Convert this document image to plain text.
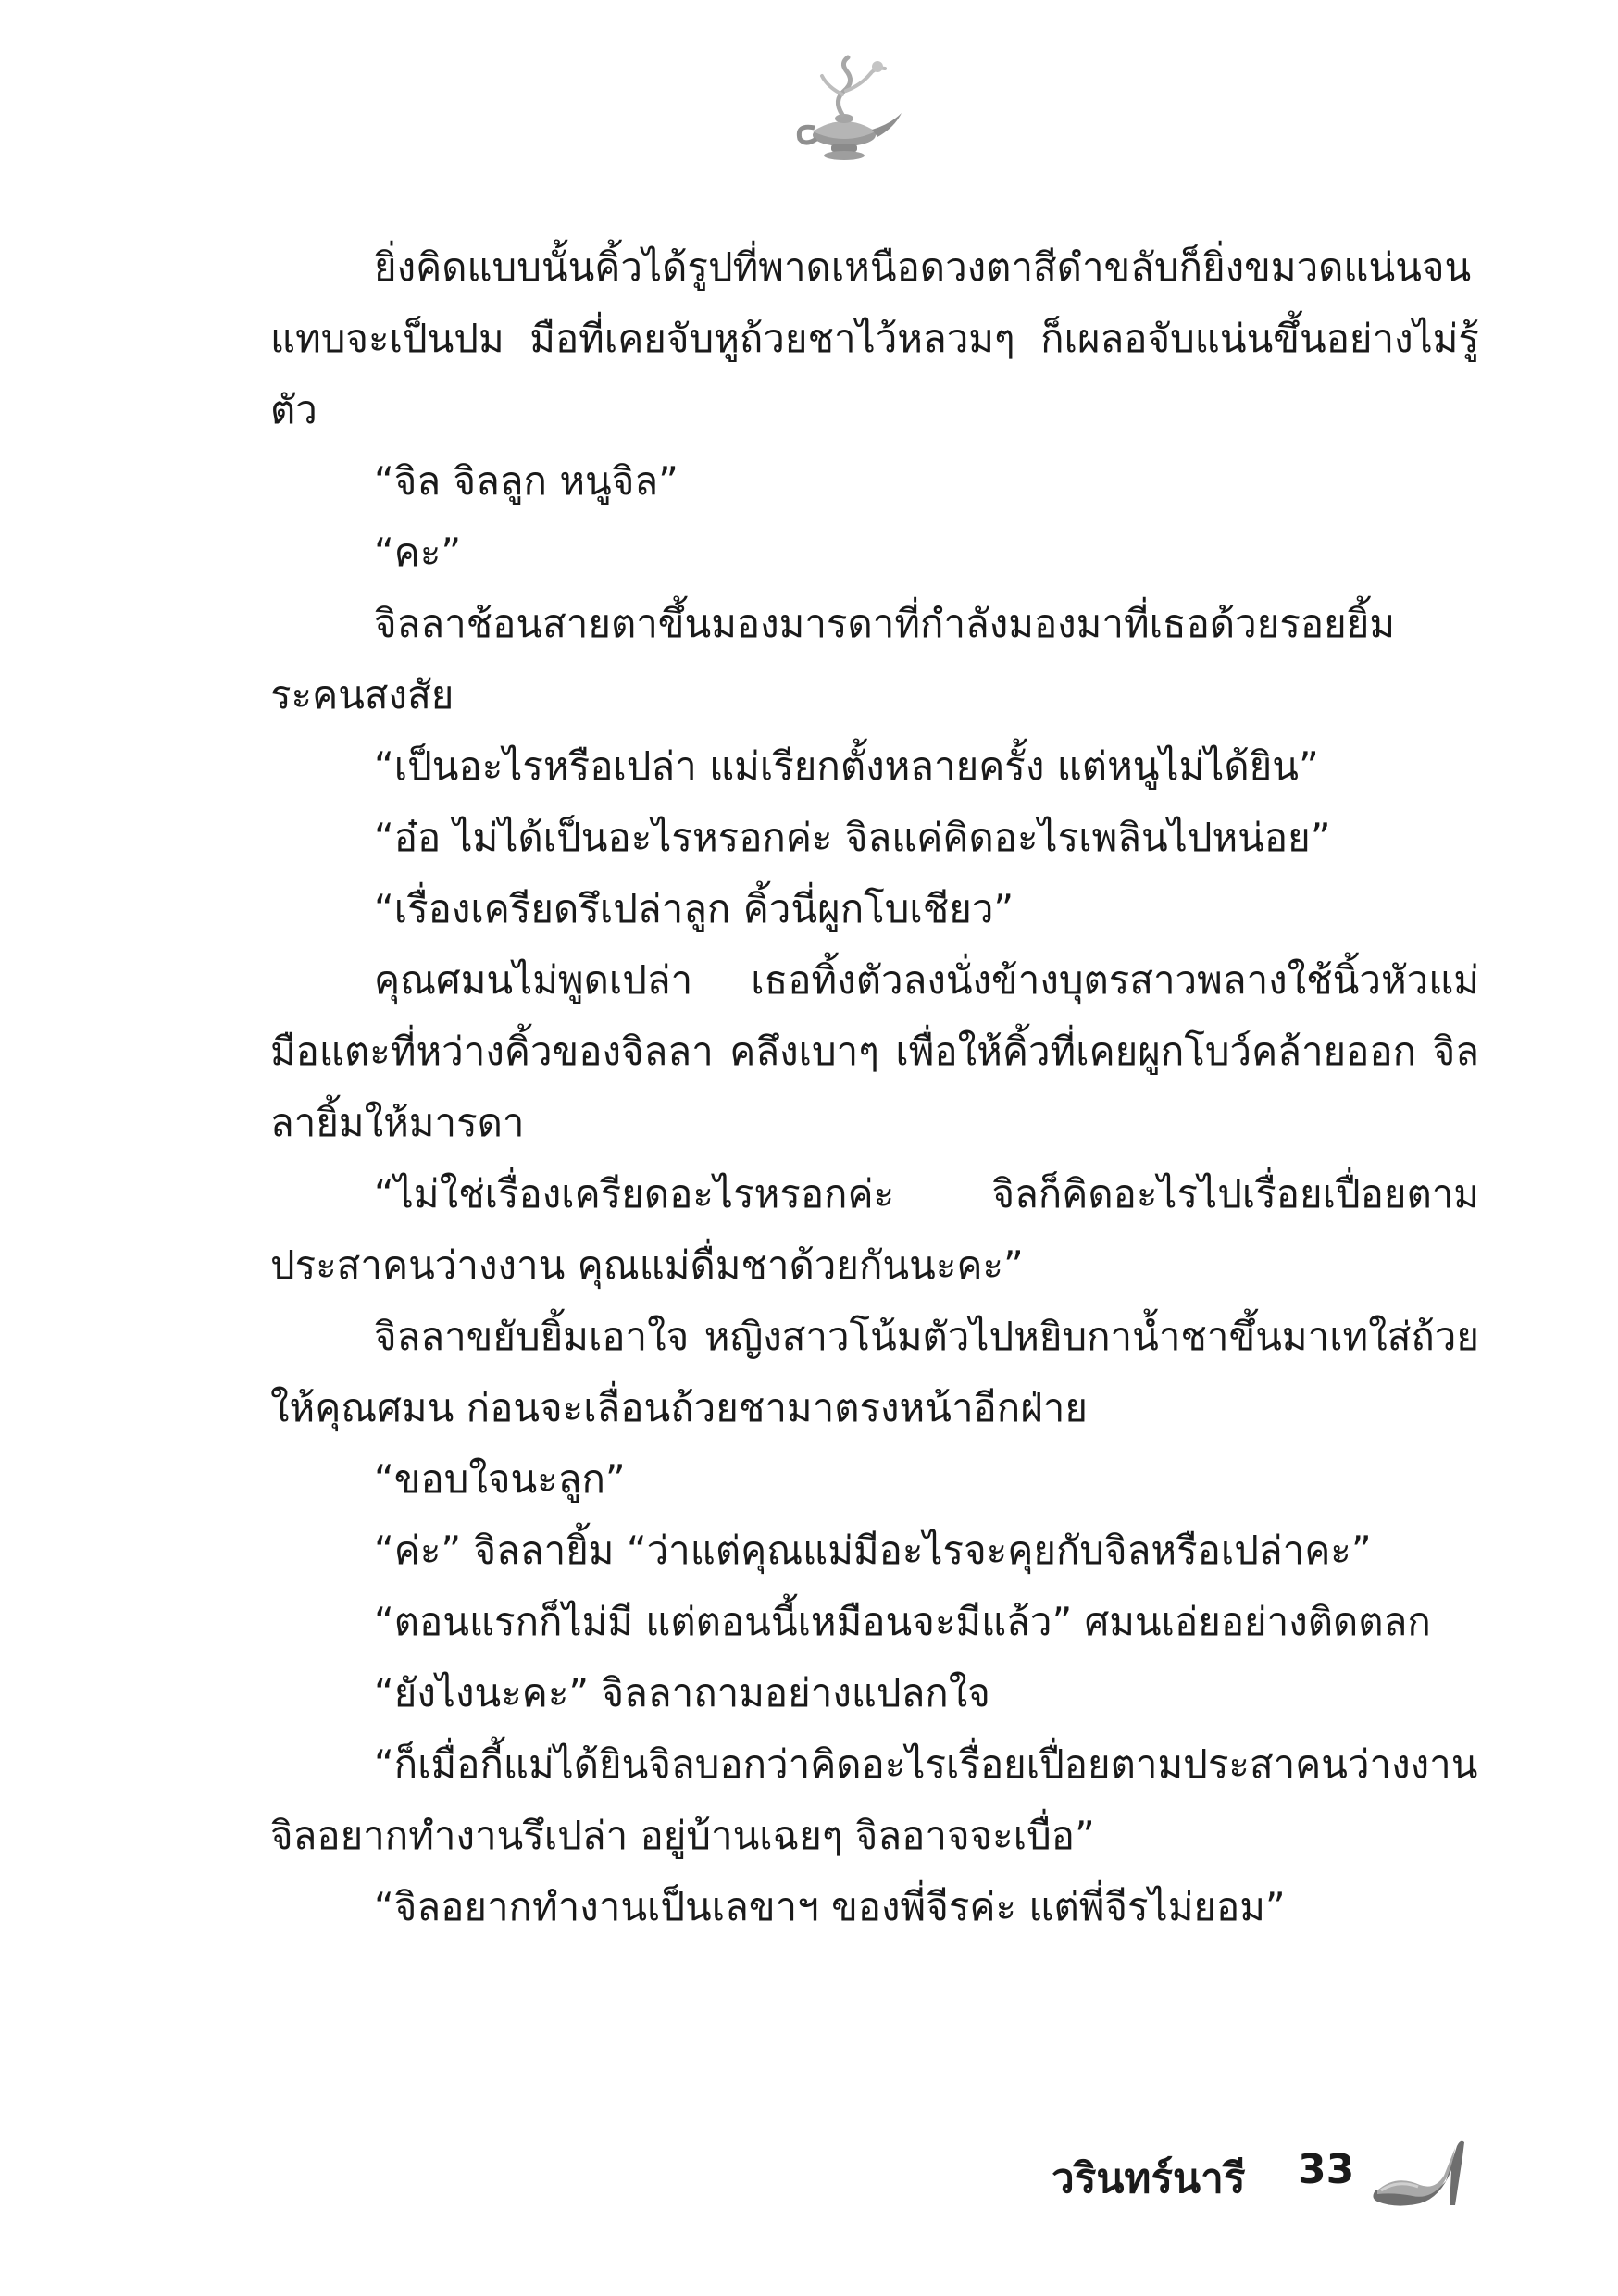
ยิ่งคิดแบบนั้นคิ้วได้รูปที่พาดเหนือดวงตาสีดำขลับก็ยิ่งขมวดแน่นจนแทบจะเป็นปม มือที่เคยจับหูถ้วยชาไว้หลวมๆ ก็เผลอจับแน่นขึ้นอย่างไม่รู้ตัว

“จิล จิลลูก หนูจิล”

“คะ”

จิลลาช้อนสายตาขึ้นมองมารดาที่กำลังมองมาที่เธอด้วยรอยยิ้มระคนสงสัย

“เป็นอะไรหรือเปล่า แม่เรียกตั้งหลายครั้ง แต่หนูไม่ได้ยิน”

“อ๋อ ไม่ได้เป็นอะไรหรอกค่ะ จิลแค่คิดอะไรเพลินไปหน่อย”

“เรื่องเครียดรึเปล่าลูก คิ้วนี่ผูกโบเชียว”

คุณศมนไม่พูดเปล่า เธอทิ้งตัวลงนั่งข้างบุตรสาวพลางใช้นิ้วหัวแม่มือแตะที่หว่างคิ้วของจิลลา คลึงเบาๆ เพื่อให้คิ้วที่เคยผูกโบว์คล้ายออก จิลลายิ้มให้มารดา

“ไม่ใช่เรื่องเครียดอะไรหรอกค่ะ จิลก็คิดอะไรไปเรื่อยเปื่อยตามประสาคนว่างงาน คุณแม่ดื่มชาด้วยกันนะคะ”

จิลลาขยับยิ้มเอาใจ หญิงสาวโน้มตัวไปหยิบกาน้ำชาขึ้นมาเทใส่ถ้วยให้คุณศมน ก่อนจะเลื่อนถ้วยชามาตรงหน้าอีกฝ่าย

“ขอบใจนะลูก”

“ค่ะ” จิลลายิ้ม “ว่าแต่คุณแม่มีอะไรจะคุยกับจิลหรือเปล่าคะ”

“ตอนแรกก็ไม่มี แต่ตอนนี้เหมือนจะมีแล้ว” ศมนเอ่ยอย่างติดตลก

“ยังไงนะคะ” จิลลาถามอย่างแปลกใจ

“ก็เมื่อกี้แม่ได้ยินจิลบอกว่าคิดอะไรเรื่อยเปื่อยตามประสาคนว่างงาน จิลอยากทำงานรึเปล่า อยู่บ้านเฉยๆ จิลอาจจะเบื่อ”

“จิลอยากทำงานเป็นเลขาฯ ของพี่จีรค่ะ แต่พี่จีรไม่ยอม”

วรินทร์นารี 33
